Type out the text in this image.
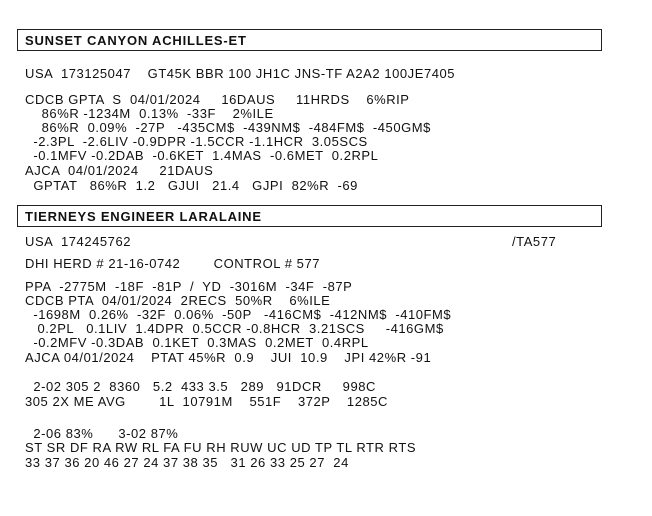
SUNSET CANYON ACHILLES-ET
USA  173125047    GT45K BBR 100 JH1C JNS-TF A2A2 100JE7405
CDCB GPTA  S  04/01/2024     16DAUS     11HRDS    6%RIP
86%R -1234M  0.13%  -33F    2%ILE
86%R  0.09%  -27P   -435CM$  -439NM$  -484FM$  -450GM$
-2.3PL  -2.6LIV -0.9DPR -1.5CCR -1.1HCR  3.05SCS
-0.1MFV -0.2DAB  -0.6KET  1.4MAS  -0.6MET  0.2RPL
AJCA  04/01/2024     21DAUS
GPTAT   86%R  1.2   GJUI   21.4   GJPI  82%R  -69
TIERNEYS ENGINEER LARALAINE
USA  174245762	/TA577
DHI HERD # 21-16-0742        CONTROL # 577
PPA  -2775M  -18F  -81P  /  YD  -3016M  -34F  -87P
CDCB PTA  04/01/2024  2RECS  50%R    6%ILE
-1698M  0.26%  -32F  0.06%  -50P   -416CM$  -412NM$  -410FM$
0.2PL   0.1LIV  1.4DPR  0.5CCR -0.8HCR  3.21SCS     -416GM$
-0.2MFV -0.3DAB  0.1KET  0.3MAS  0.2MET  0.4RPL
AJCA 04/01/2024    PTAT 45%R  0.9    JUI  10.9    JPI 42%R -91
2-02 305 2  8360   5.2  433 3.5   289   91DCR     998C
305 2X ME AVG        1L  10791M    551F    372P    1285C
2-06 83%      3-02 87%
ST SR DF RA RW RL FA FU RH RUW UC UD TP TL RTR RTS
33 37 36 20 46 27 24 37 38 35   31 26 33 25 27  24
